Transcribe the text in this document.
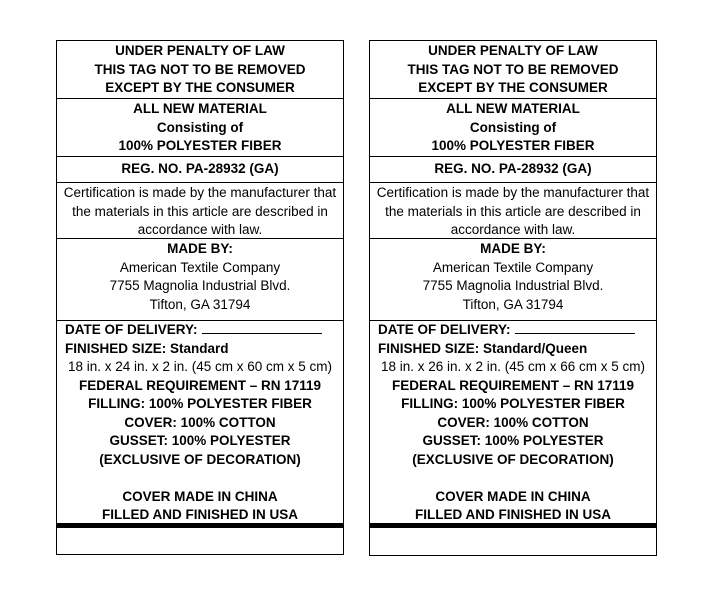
UNDER PENALTY OF LAW
THIS TAG NOT TO BE REMOVED
EXCEPT BY THE CONSUMER
ALL NEW MATERIAL
Consisting of
100% POLYESTER FIBER
REG. NO. PA-28932 (GA)
Certification is made by the manufacturer that
the materials in this article are described in
accordance with law.
MADE BY:
American Textile Company
7755 Magnolia Industrial Blvd.
Tifton, GA 31794
DATE OF DELIVERY:
FINISHED SIZE: Standard
18 in. x 24 in. x 2 in. (45 cm x 60 cm x 5 cm)
FEDERAL REQUIREMENT – RN 17119
FILLING: 100% POLYESTER FIBER
COVER: 100% COTTON
GUSSET: 100% POLYESTER
(EXCLUSIVE OF DECORATION)
COVER MADE IN CHINA
FILLED AND FINISHED IN USA
UNDER PENALTY OF LAW
THIS TAG NOT TO BE REMOVED
EXCEPT BY THE CONSUMER
ALL NEW MATERIAL
Consisting of
100% POLYESTER FIBER
REG. NO. PA-28932 (GA)
Certification is made by the manufacturer that
the materials in this article are described in
accordance with law.
MADE BY:
American Textile Company
7755 Magnolia Industrial Blvd.
Tifton, GA 31794
DATE OF DELIVERY:
FINISHED SIZE: Standard/Queen
18 in. x 26 in. x 2 in. (45 cm x 66 cm x 5 cm)
FEDERAL REQUIREMENT – RN 17119
FILLING: 100% POLYESTER FIBER
COVER: 100% COTTON
GUSSET: 100% POLYESTER
(EXCLUSIVE OF DECORATION)
COVER MADE IN CHINA
FILLED AND FINISHED IN USA
